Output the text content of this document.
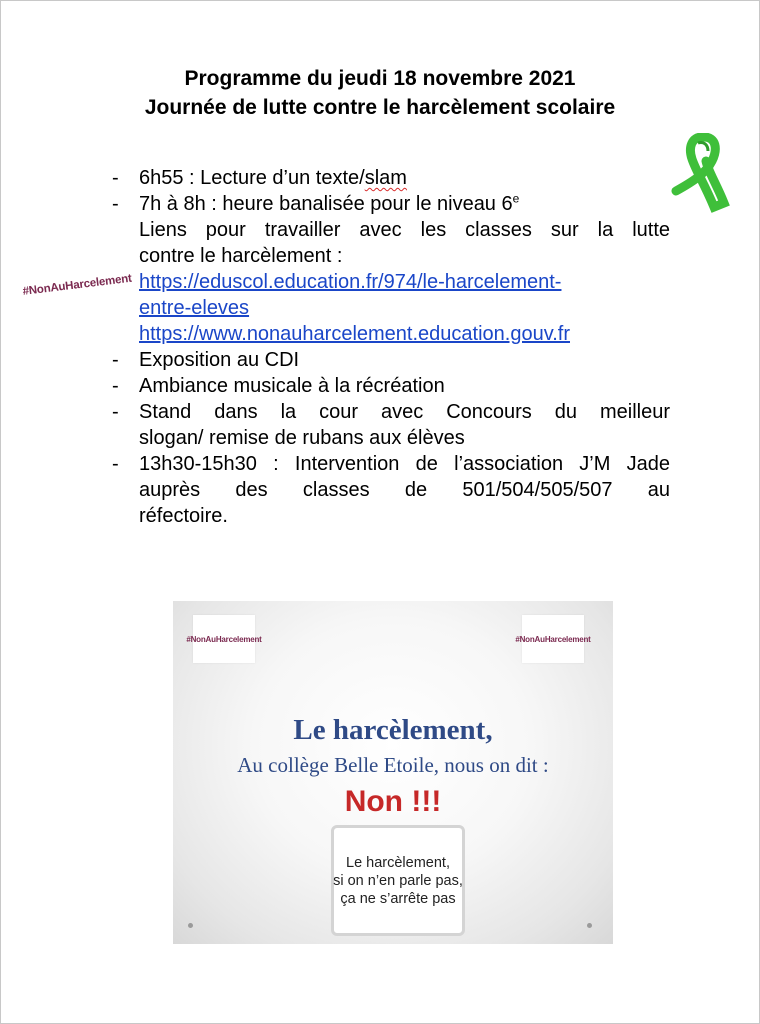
Programme du jeudi 18 novembre 2021
Journée de lutte contre le harcèlement scolaire
#NonAuHarcelement
- 6h55 : Lecture d’un texte/slam
- 7h à 8h : heure banalisée pour le niveau 6e
Liens pour travailler avec les classes sur la lutte
contre le harcèlement :
https://eduscol.education.fr/974/le-harcelement-
entre-eleves
https://www.nonauharcelement.education.gouv.fr
- Exposition au CDI
- Ambiance musicale à la récréation
- Stand dans la cour avec Concours du meilleur
slogan/ remise de rubans aux élèves
- 13h30-15h30 : Intervention de l’association J’M Jade
auprès des classes de 501/504/505/507 au
réfectoire.
#NonAuHarcelement	#NonAuHarcelement
Le harcèlement,
Au collège Belle Etoile, nous on dit :
Non !!!
Le harcèlement,
si on n’en parle pas,
ça ne s’arrête pas
